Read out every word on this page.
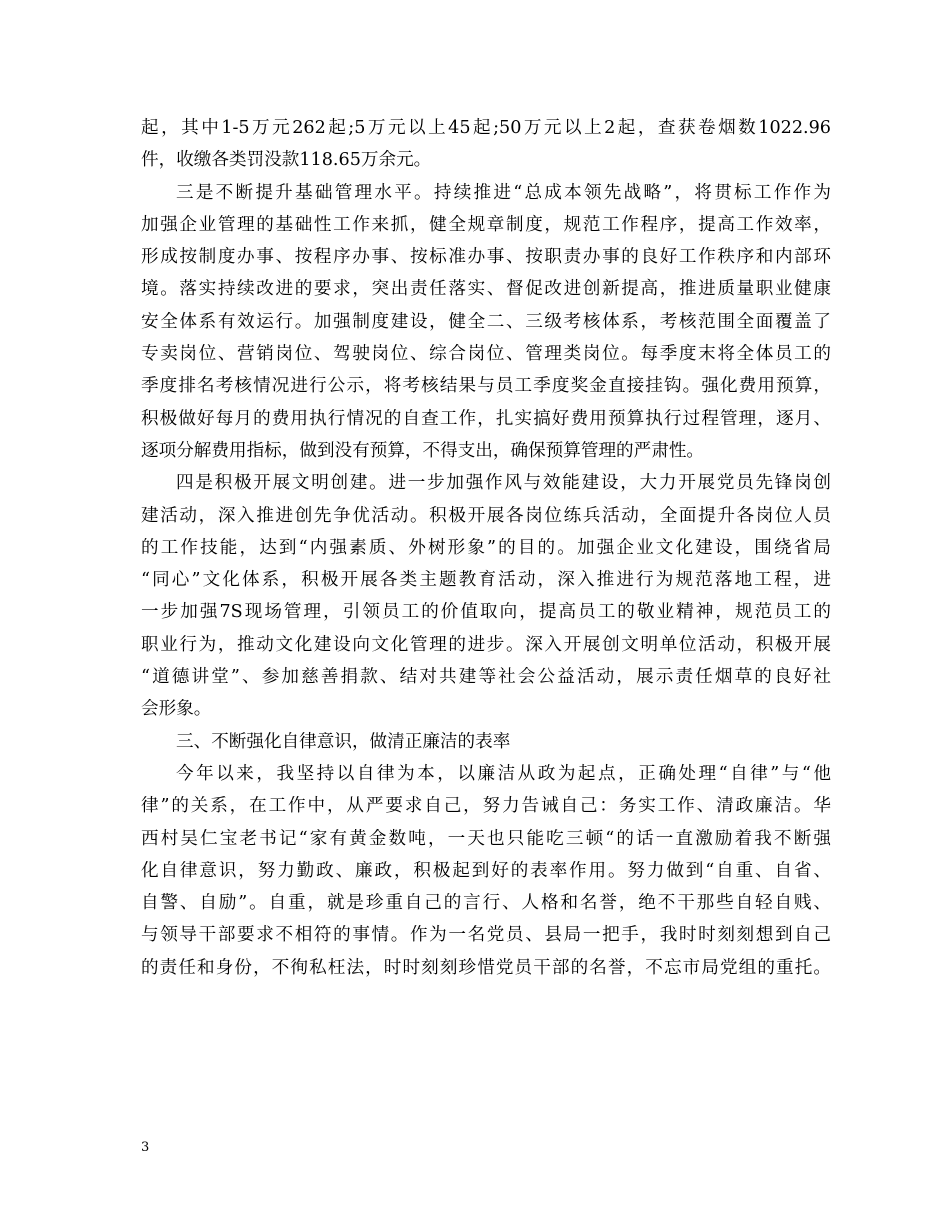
起，其中1-5万元262起;5万元以上45起;50万元以上2起，查获卷烟数1022.96
件，收缴各类罚没款118.65万余元。
三是不断提升基础管理水平。持续推进“总成本领先战略”，将贯标工作作为
加强企业管理的基础性工作来抓，健全规章制度，规范工作程序，提高工作效率，
形成按制度办事、按程序办事、按标准办事、按职责办事的良好工作秩序和内部环
境。落实持续改进的要求，突出责任落实、督促改进创新提高，推进质量职业健康
安全体系有效运行。加强制度建设，健全二、三级考核体系，考核范围全面覆盖了
专卖岗位、营销岗位、驾驶岗位、综合岗位、管理类岗位。每季度末将全体员工的
季度排名考核情况进行公示，将考核结果与员工季度奖金直接挂钩。强化费用预算，
积极做好每月的费用执行情况的自查工作，扎实搞好费用预算执行过程管理，逐月、
逐项分解费用指标，做到没有预算，不得支出，确保预算管理的严肃性。
四是积极开展文明创建。进一步加强作风与效能建设，大力开展党员先锋岗创
建活动，深入推进创先争优活动。积极开展各岗位练兵活动，全面提升各岗位人员
的工作技能，达到“内强素质、外树形象”的目的。加强企业文化建设，围绕省局
“同心”文化体系，积极开展各类主题教育活动，深入推进行为规范落地工程，进
一步加强7S现场管理，引领员工的价值取向，提高员工的敬业精神，规范员工的
职业行为，推动文化建设向文化管理的进步。深入开展创文明单位活动，积极开展
“道德讲堂”、参加慈善捐款、结对共建等社会公益活动，展示责任烟草的良好社
会形象。
三、不断强化自律意识，做清正廉洁的表率
今年以来，我坚持以自律为本，以廉洁从政为起点，正确处理“自律”与“他
律”的关系，在工作中，从严要求自己，努力告诫自己：务实工作、清政廉洁。华
西村吴仁宝老书记“家有黄金数吨，一天也只能吃三顿“的话一直激励着我不断强
化自律意识，努力勤政、廉政，积极起到好的表率作用。努力做到“自重、自省、
自警、自励”。自重，就是珍重自己的言行、人格和名誉，绝不干那些自轻自贱、
与领导干部要求不相符的事情。作为一名党员、县局一把手，我时时刻刻想到自己
的责任和身份，不徇私枉法，时时刻刻珍惜党员干部的名誉，不忘市局党组的重托。
3
